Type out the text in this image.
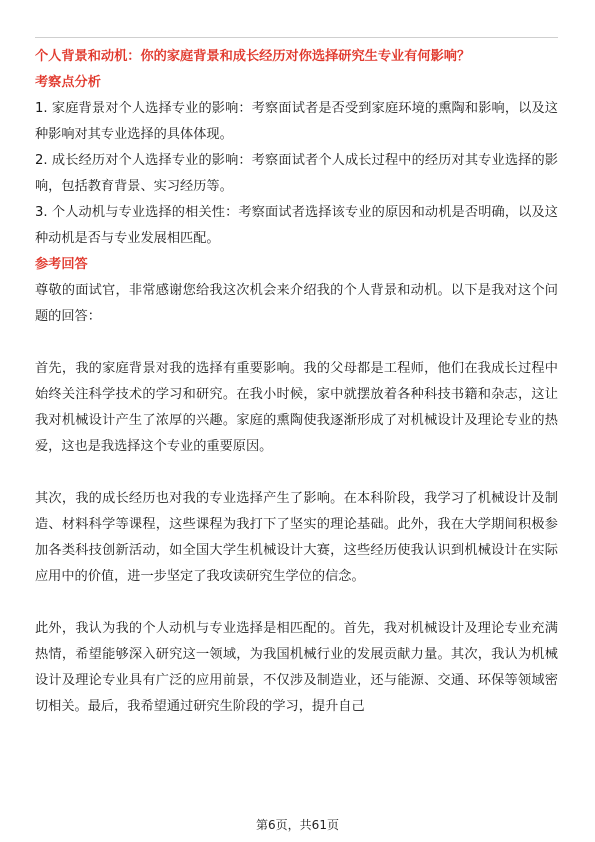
个人背景和动机：你的家庭背景和成长经历对你选择研究生专业有何影响？

考察点分析

1. 家庭背景对个人选择专业的影响：考察面试者是否受到家庭环境的熏陶和影响，以及这种影响对其专业选择的具体体现。

2. 成长经历对个人选择专业的影响：考察面试者个人成长过程中的经历对其专业选择的影响，包括教育背景、实习经历等。

3. 个人动机与专业选择的相关性：考察面试者选择该专业的原因和动机是否明确，以及这种动机是否与专业发展相匹配。

参考回答

尊敬的面试官，非常感谢您给我这次机会来介绍我的个人背景和动机。以下是我对这个问题的回答：

首先，我的家庭背景对我的选择有重要影响。我的父母都是工程师，他们在我成长过程中始终关注科学技术的学习和研究。在我小时候，家中就摆放着各种科技书籍和杂志，这让我对机械设计产生了浓厚的兴趣。家庭的熏陶使我逐渐形成了对机械设计及理论专业的热爱，这也是我选择这个专业的重要原因。

其次，我的成长经历也对我的专业选择产生了影响。在本科阶段，我学习了机械设计及制造、材料科学等课程，这些课程为我打下了坚实的理论基础。此外，我在大学期间积极参加各类科技创新活动，如全国大学生机械设计大赛，这些经历使我认识到机械设计在实际应用中的价值，进一步坚定了我攻读研究生学位的信念。

此外，我认为我的个人动机与专业选择是相匹配的。首先，我对机械设计及理论专业充满热情，希望能够深入研究这一领域，为我国机械行业的发展贡献力量。其次，我认为机械设计及理论专业具有广泛的应用前景，不仅涉及制造业，还与能源、交通、环保等领域密切相关。最后，我希望通过研究生阶段的学习，提升自己

第6页，共61页
